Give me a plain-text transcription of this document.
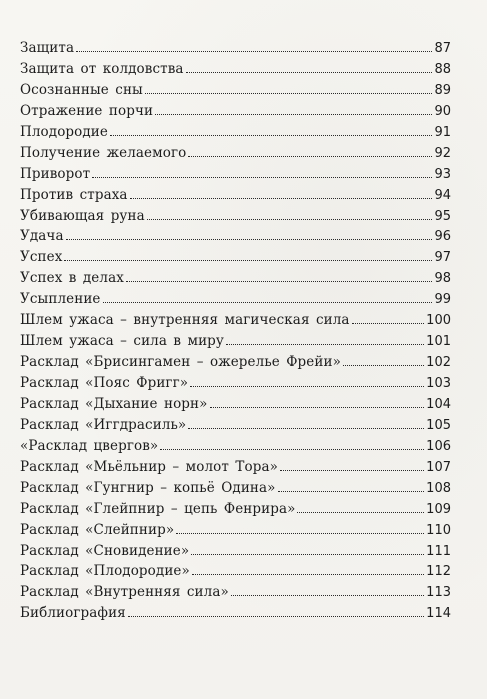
Защита	87
Защита от колдовства	88
Осознанные сны	89
Отражение порчи	90
Плодородие	91
Получение желаемого	92
Приворот	93
Против страха	94
Убивающая руна	95
Удача	96
Успех	97
Успех в делах	98
Усыпление	99
Шлем ужаса – внутренняя магическая сила	100
Шлем ужаса – сила в миру	101
Расклад «Брисингамен – ожерелье Фрейи»	102
Расклад «Пояс Фригг»	103
Расклад «Дыхание норн»	104
Расклад «Иггдрасиль»	105
«Расклад цвергов»	106
Расклад «Мьёльнир – молот Тора»	107
Расклад «Гунгнир – копьё Одина»	108
Расклад «Глейпнир – цепь Фенрира»	109
Расклад «Слейпнир»	110
Расклад «Сновидение»	111
Расклад «Плодородие»	112
Расклад «Внутренняя сила»	113
Библиография	114
